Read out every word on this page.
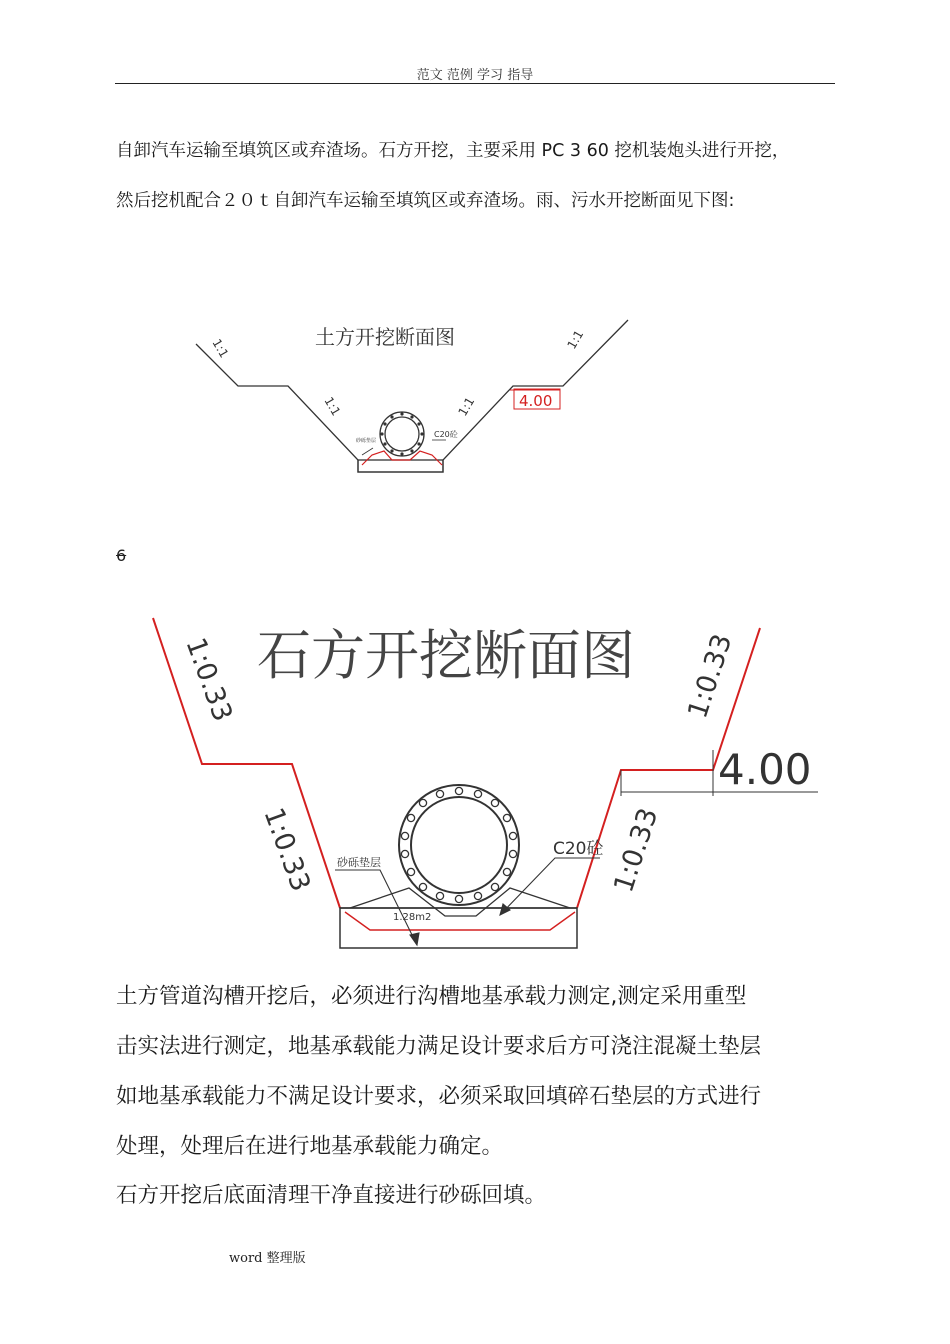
范文 范例 学习 指导
自卸汽车运输至填筑区或弃渣场。石方开挖，主要采用 PC 3 60 挖机装炮头进行开挖，
然后挖机配合２０ｔ自卸汽车运输至填筑区或弃渣场。雨、污水开挖断面见下图:
土方开挖断面图
1:1	1:1
1:1	1:1	4.00
砂砾垫层
C20砼
6
石方开挖断面图
1:0.33	1:0.33
1:0.33	1:0.33
4.00
砂砾垫层
C20砼
1.28m2
土方管道沟槽开挖后，必须进行沟槽地基承载力测定,测定采用重型
击实法进行测定，地基承载能力满足设计要求后方可浇注混凝土垫层
如地基承载能力不满足设计要求，必须采取回填碎石垫层的方式进行
处理，处理后在进行地基承载能力确定。
石方开挖后底面清理干净直接进行砂砾回填。
word 整理版
